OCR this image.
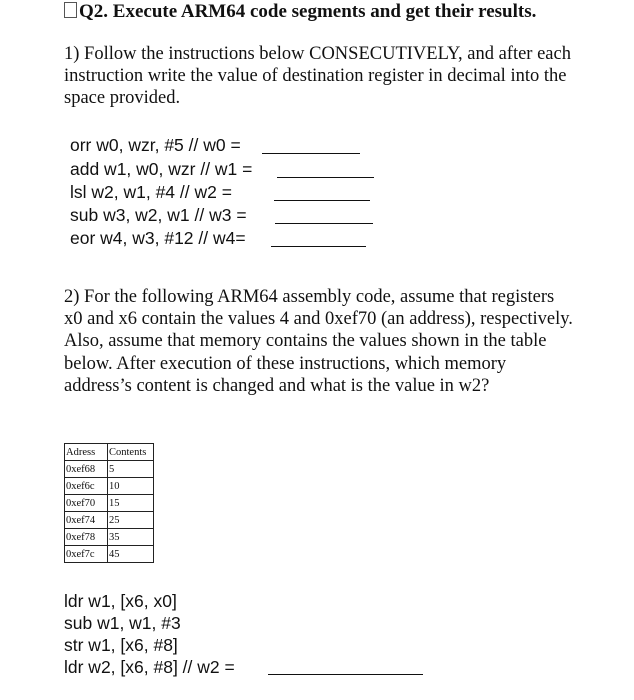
Q2. Execute ARM64 code segments and get their results.
1) Follow the instructions below CONSECUTIVELY, and after each instruction write the value of destination register in decimal into the space provided.
orr w0, wzr, #5 // w0 =
add w1, w0, wzr // w1 =
lsl w2, w1, #4 // w2 =
sub w3, w2, w1 // w3 =
eor w4, w3, #12 // w4=
2) For the following ARM64 assembly code, assume that registers x0 and x6 contain the values 4 and 0xef70 (an address), respectively. Also, assume that memory contains the values shown in the table below. After execution of these instructions, which memory address’s content is changed and what is the value in w2?
Adress	Contents
0xef68	5
0xef6c	10
0xef70	15
0xef74	25
0xef78	35
0xef7c	45
ldr w1, [x6, x0]
sub w1, w1, #3
str w1, [x6, #8]
ldr w2, [x6, #8] // w2 =
